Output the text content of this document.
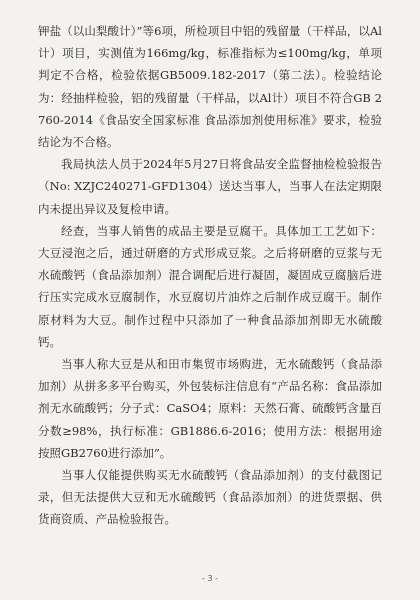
钾盐（以山梨酸计）”等6项，所检项目中铝的残留量（干样品，以Al计）项目，实测值为166mg/kg，标准指标为≤100mg/kg，单项判定不合格，检验依据GB5009.182-2017（第二法）。检验结论为：经抽样检验，铝的残留量（干样品，以Al计）项目不符合GB 2760-2014《食品安全国家标准 食品添加剂使用标准》要求，检验结论为不合格。

我局执法人员于2024年5月27日将食品安全监督抽检检验报告（No: XZJC240271-GFD1304）送达当事人，当事人在法定期限内未提出异议及复检申请。

经查，当事人销售的成品主要是豆腐干。具体加工工艺如下：大豆浸泡之后，通过研磨的方式形成豆浆。之后将研磨的豆浆与无水硫酸钙（食品添加剂）混合调配后进行凝固，凝固成豆腐脑后进行压实完成水豆腐制作，水豆腐切片油炸之后制作成豆腐干。制作原材料为大豆。制作过程中只添加了一种食品添加剂即无水硫酸钙。

当事人称大豆是从和田市集贸市场购进，无水硫酸钙（食品添加剂）从拼多多平台购买，外包装标注信息有“产品名称：食品添加剂无水硫酸钙；分子式：CaSO4；原料：天然石膏、硫酸钙含量百分数≥98%，执行标准：GB1886.6-2016；使用方法：根据用途按照GB2760进行添加”。

当事人仅能提供购买无水硫酸钙（食品添加剂）的支付截图记录，但无法提供大豆和无水硫酸钙（食品添加剂）的进货票据、供货商资质、产品检验报告。

- 3 -
